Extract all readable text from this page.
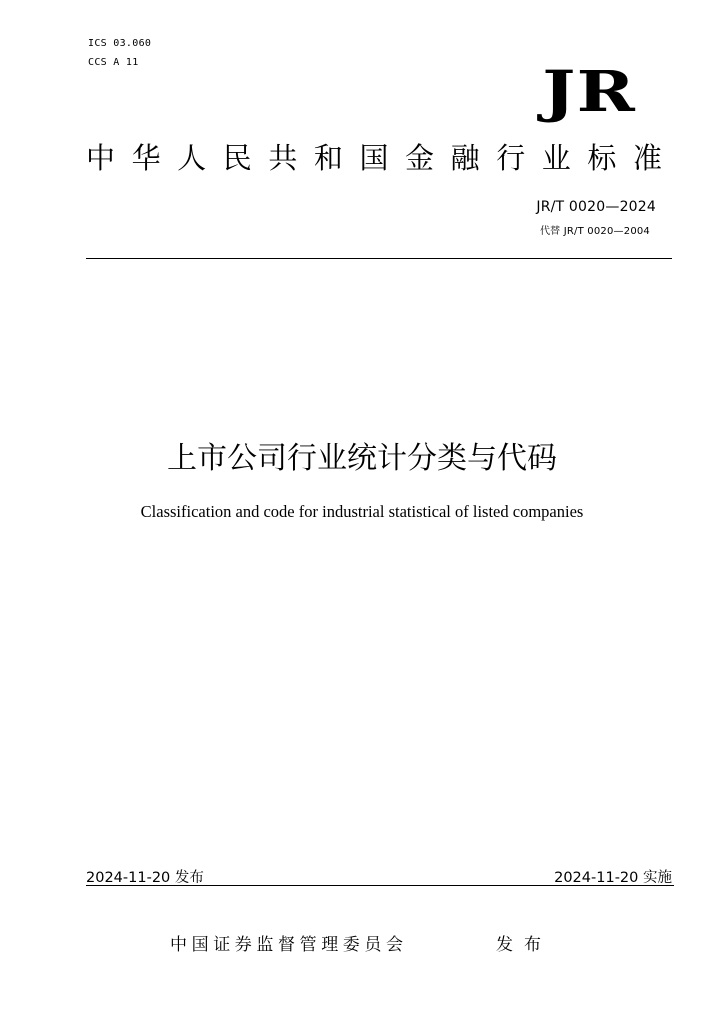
ICS 03.060
CCS A 11	JR
中 华 人 民 共 和 国 金 融 行 业 标 准
JR/T 0020—2024
代替 JR/T 0020—2004
上市公司行业统计分类与代码
Classification and code for industrial statistical of listed companies
2024-11-20 发布	2024-11-20 实施
中国证券监督管理委员会	发布
